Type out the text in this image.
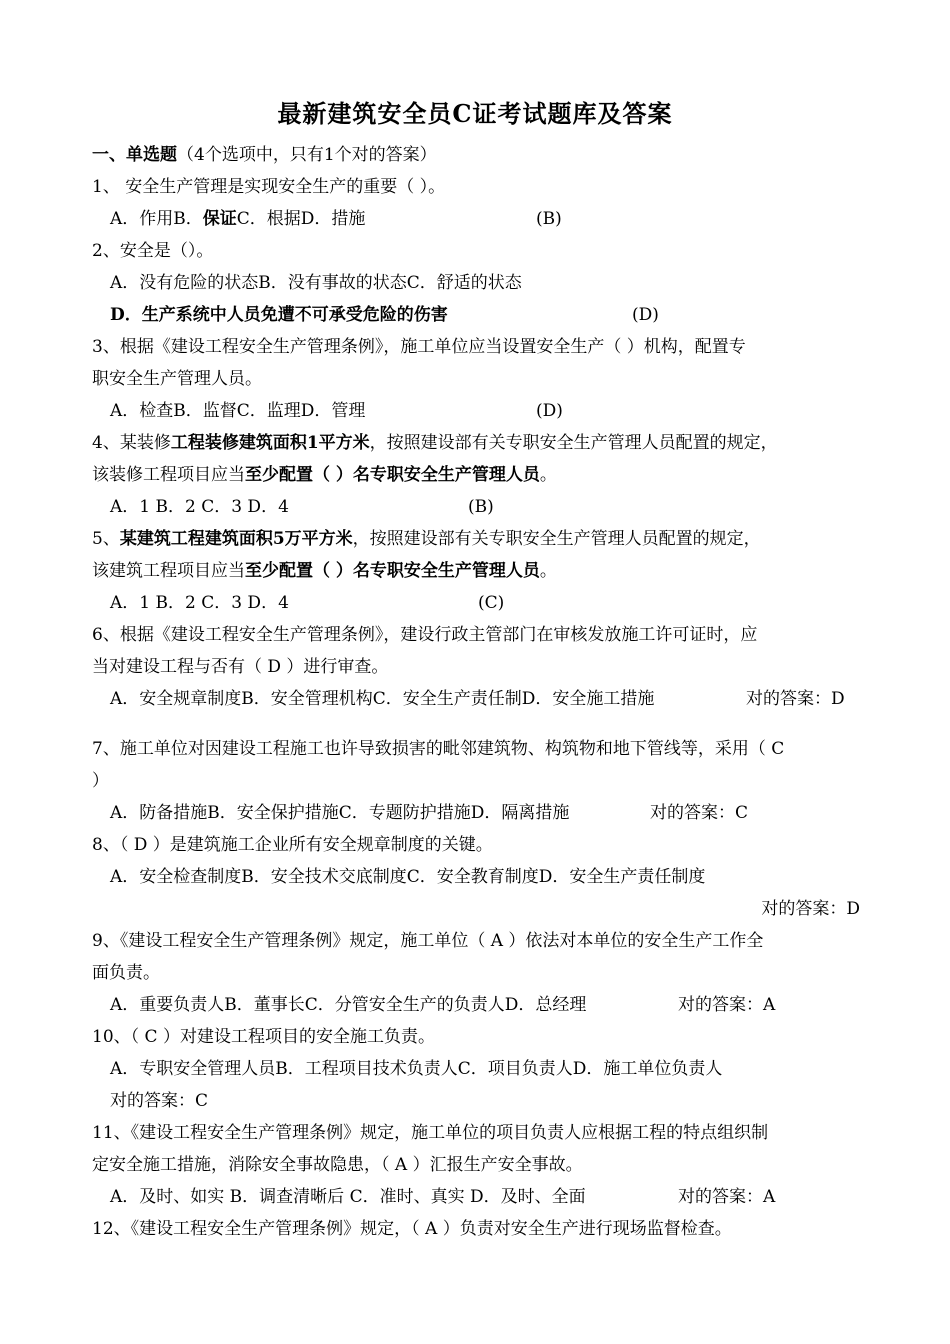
最新建筑安全员C证考试题库及答案
一、单选题（4个选项中，只有1个对的答案）
1、 安全生产管理是实现安全生产的重要（ ）。
A．作用B．保证C．根据D．措施	(B)
2、安全是（）。
A．没有危险的状态B．没有事故的状态C．舒适的状态
D．生产系统中人员免遭不可承受危险的伤害	(D)
3、根据《建设工程安全生产管理条例》，施工单位应当设置安全生产（ ）机构，配置专
职安全生产管理人员。
A．检查B．监督C．监理D．管理	(D)
4、某装修工程装修建筑面积1平方米，按照建设部有关专职安全生产管理人员配置的规定，
该装修工程项目应当至少配置（ ）名专职安全生产管理人员。
A．1 B．2 C．3 D．4	(B)
5、某建筑工程建筑面积5万平方米，按照建设部有关专职安全生产管理人员配置的规定，
该建筑工程项目应当至少配置（ ）名专职安全生产管理人员。
A．1 B．2 C．3 D．4	(C)
6、根据《建设工程安全生产管理条例》，建设行政主管部门在审核发放施工许可证时，应
当对建设工程与否有（ D ）进行审查。
A．安全规章制度B．安全管理机构C．安全生产责任制D．安全施工措施	对的答案：D
7、施工单位对因建设工程施工也许导致损害的毗邻建筑物、构筑物和地下管线等，采用（ C
）
A．防备措施B．安全保护措施C．专题防护措施D．隔离措施	对的答案：C
8、（ D ）是建筑施工企业所有安全规章制度的关键。
A．安全检查制度B．安全技术交底制度C．安全教育制度D．安全生产责任制度
对的答案：D
9、《建设工程安全生产管理条例》规定，施工单位（ A ）依法对本单位的安全生产工作全
面负责。
A．重要负责人B．董事长C．分管安全生产的负责人D．总经理	对的答案：A
10、（ C ）对建设工程项目的安全施工负责。
A．专职安全管理人员B．工程项目技术负责人C．项目负责人D．施工单位负责人
对的答案：C
11、《建设工程安全生产管理条例》规定，施工单位的项目负责人应根据工程的特点组织制
定安全施工措施，消除安全事故隐患，（ A ）汇报生产安全事故。
A．及时、如实 B．调查清晰后 C．准时、真实 D．及时、全面	对的答案：A
12、《建设工程安全生产管理条例》规定，（ A ）负责对安全生产进行现场监督检查。
